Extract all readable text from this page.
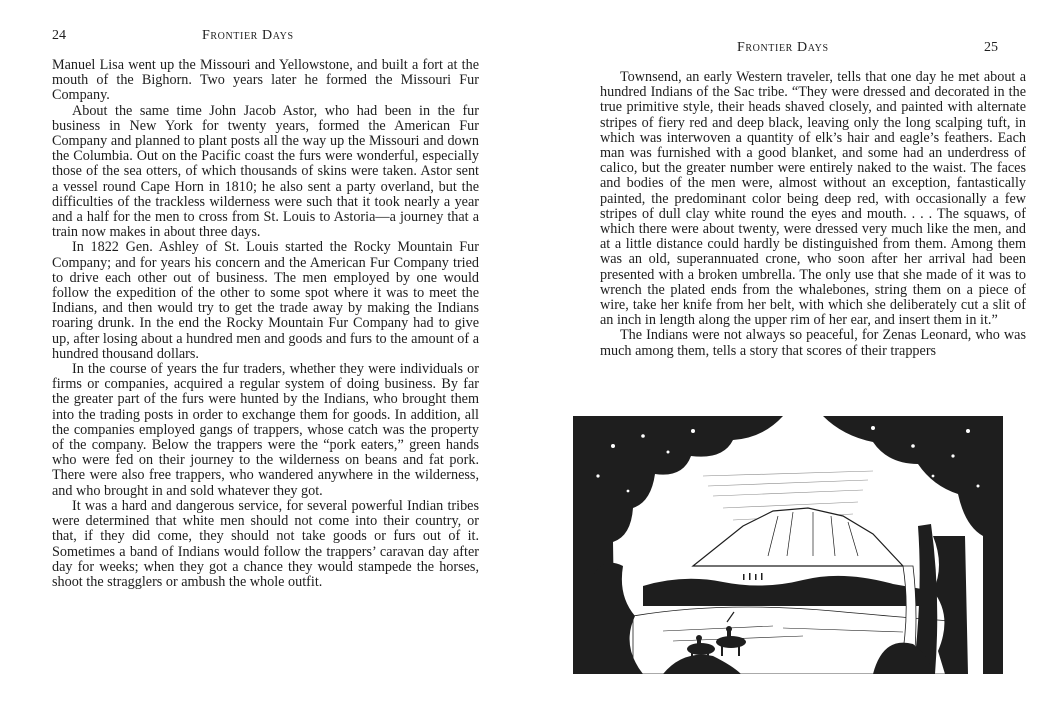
24	Frontier Days

Manuel Lisa went up the Missouri and Yellowstone, and built a fort at the mouth of the Bighorn. Two years later he formed the Missouri Fur Company.

About the same time John Jacob Astor, who had been in the fur business in New York for twenty years, formed the American Fur Company and planned to plant posts all the way up the Missouri and down the Columbia. Out on the Pacific coast the furs were wonderful, especially those of the sea otters, of which thousands of skins were taken. Astor sent a vessel round Cape Horn in 1810; he also sent a party overland, but the difficulties of the trackless wilderness were such that it took nearly a year and a half for the men to cross from St. Louis to Astoria—a journey that a train now makes in about three days.

In 1822 Gen. Ashley of St. Louis started the Rocky Mountain Fur Company; and for years his concern and the American Fur Company tried to drive each other out of business. The men employed by one would follow the expedition of the other to some spot where it was to meet the Indians, and then would try to get the trade away by making the Indians roaring drunk. In the end the Rocky Mountain Fur Company had to give up, after losing about a hundred men and goods and furs to the amount of a hundred thousand dollars.

In the course of years the fur traders, whether they were individuals or firms or companies, acquired a regular system of doing business. By far the greater part of the furs were hunted by the Indians, who brought them into the trading posts in order to exchange them for goods. In addition, all the companies employed gangs of trappers, whose catch was the property of the company. Below the trappers were the “pork eaters,” green hands who were fed on their journey to the wilderness on beans and fat pork. There were also free trappers, who wandered anywhere in the wilderness, and who brought in and sold whatever they got.

It was a hard and dangerous service, for several powerful Indian tribes were determined that white men should not come into their country, or that, if they did come, they should not take goods or furs out of it. Sometimes a band of Indians would follow the trappers’ caravan day after day for weeks; when they got a chance they would stampede the horses, shoot the stragglers or ambush the whole outfit.

Frontier Days	25

Townsend, an early Western traveler, tells that one day he met about a hundred Indians of the Sac tribe. “They were dressed and decorated in the true primitive style, their heads shaved closely, and painted with alternate stripes of fiery red and deep black, leaving only the long scalping tuft, in which was interwoven a quantity of elk’s hair and eagle’s feathers. Each man was furnished with a good blanket, and some had an underdress of calico, but the greater number were entirely naked to the waist. The faces and bodies of the men were, almost without an exception, fantastically painted, the predominant color being deep red, with occasionally a few stripes of dull clay white round the eyes and mouth. . . . The squaws, of which there were about twenty, were dressed very much like the men, and at a little distance could hardly be distinguished from them. Among them was an old, superannuated crone, who soon after her arrival had been presented with a broken umbrella. The only use that she made of it was to wrench the plated ends from the whalebones, string them on a piece of wire, take her knife from her belt, with which she deliberately cut a slit of an inch in length along the upper rim of her ear, and insert them in it.”

The Indians were not always so peaceful, for Zenas Leonard, who was much among them, tells a story that scores of their trappers
